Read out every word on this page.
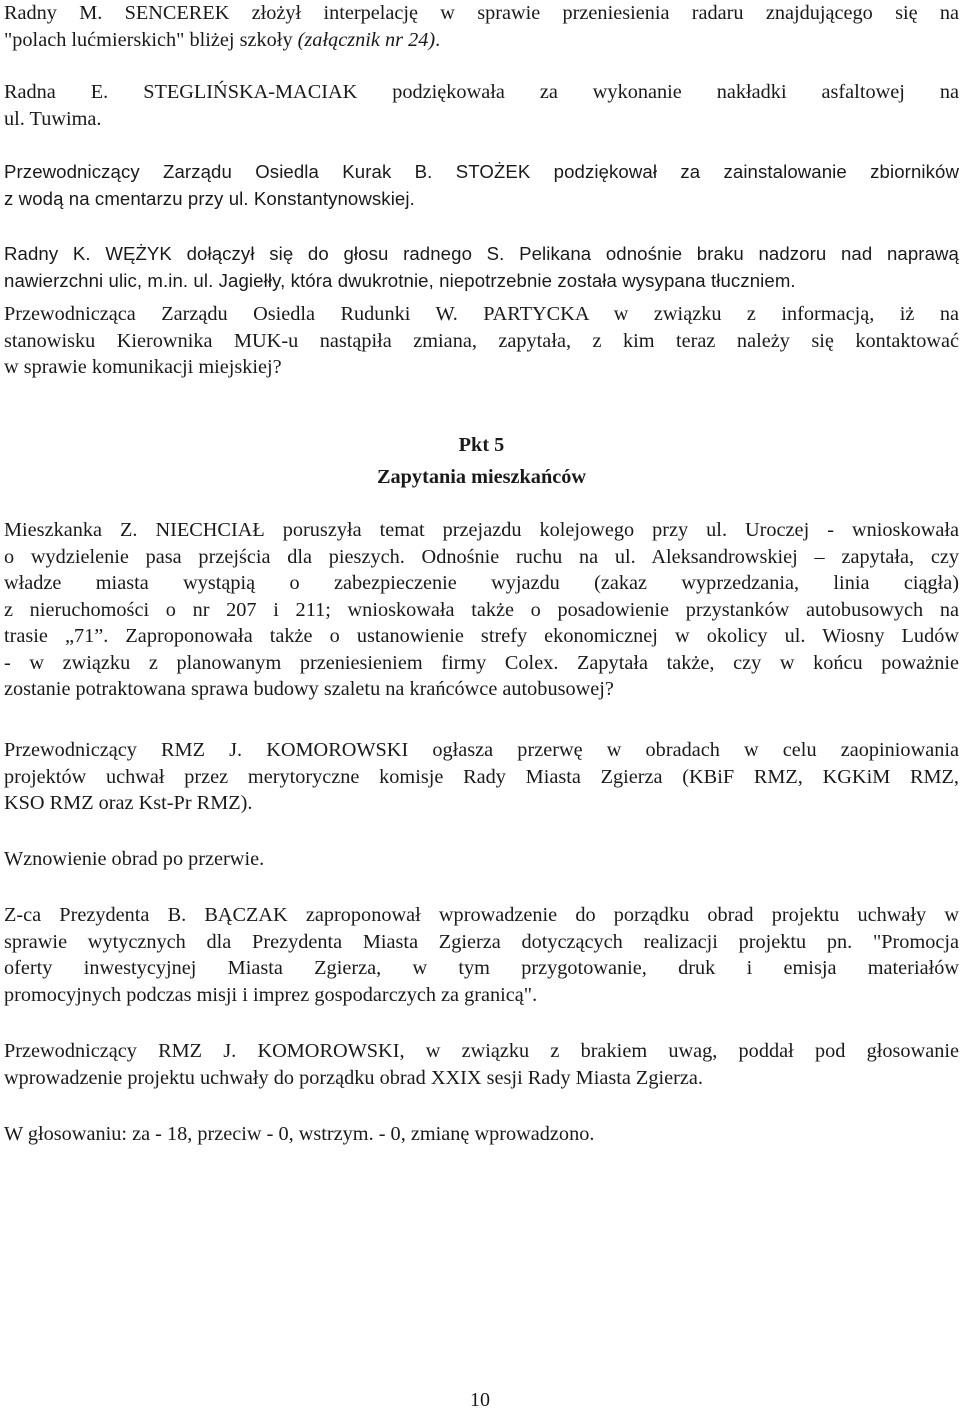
Radny M. SENCEREK złożył interpelację w sprawie przeniesienia radaru znajdującego się na
"polach lućmierskich" bliżej szkoły (załącznik nr 24).
Radna E. STEGLIŃSKA-MACIAK podziękowała za wykonanie nakładki asfaltowej na
ul. Tuwima.
Przewodniczący Zarządu Osiedla Kurak B. STOŻEK podziękował za zainstalowanie zbiorników
z wodą na cmentarzu przy ul. Konstantynowskiej.
Radny K. WĘŻYK dołączył się do głosu radnego S. Pelikana odnośnie braku nadzoru nad naprawą
nawierzchni ulic, m.in. ul. Jagiełły, która dwukrotnie, niepotrzebnie została wysypana tłuczniem.
Przewodnicząca Zarządu Osiedla Rudunki W. PARTYCKA w związku z informacją, iż na
stanowisku Kierownika MUK-u nastąpiła zmiana, zapytała, z kim teraz należy się kontaktować
w sprawie komunikacji miejskiej?
Pkt 5
Zapytania mieszkańców
Mieszkanka Z. NIECHCIAŁ poruszyła temat przejazdu kolejowego przy ul. Uroczej - wnioskowała
o wydzielenie pasa przejścia dla pieszych. Odnośnie ruchu na ul. Aleksandrowskiej – zapytała, czy
władze miasta wystąpią o zabezpieczenie wyjazdu (zakaz wyprzedzania, linia ciągła)
z nieruchomości o nr 207 i 211; wnioskowała także o posadowienie przystanków autobusowych na
trasie „71”. Zaproponowała także o ustanowienie strefy ekonomicznej w okolicy ul. Wiosny Ludów
- w związku z planowanym przeniesieniem firmy Colex. Zapytała także, czy w końcu poważnie
zostanie potraktowana sprawa budowy szaletu na krańcówce autobusowej?
Przewodniczący RMZ J. KOMOROWSKI ogłasza przerwę w obradach w celu zaopiniowania
projektów uchwał przez merytoryczne komisje Rady Miasta Zgierza (KBiF RMZ, KGKiM RMZ,
KSO RMZ oraz Kst-Pr RMZ).
Wznowienie obrad po przerwie.
Z-ca Prezydenta B. BĄCZAK zaproponował wprowadzenie do porządku obrad projektu uchwały w
sprawie wytycznych dla Prezydenta Miasta Zgierza dotyczących realizacji projektu pn. "Promocja
oferty inwestycyjnej Miasta Zgierza, w tym przygotowanie, druk i emisja materiałów
promocyjnych podczas misji i imprez gospodarczych za granicą".
Przewodniczący RMZ J. KOMOROWSKI, w związku z brakiem uwag, poddał pod głosowanie
wprowadzenie projektu uchwały do porządku obrad XXIX sesji Rady Miasta Zgierza.
W głosowaniu: za - 18, przeciw - 0, wstrzym. - 0, zmianę wprowadzono.
10
